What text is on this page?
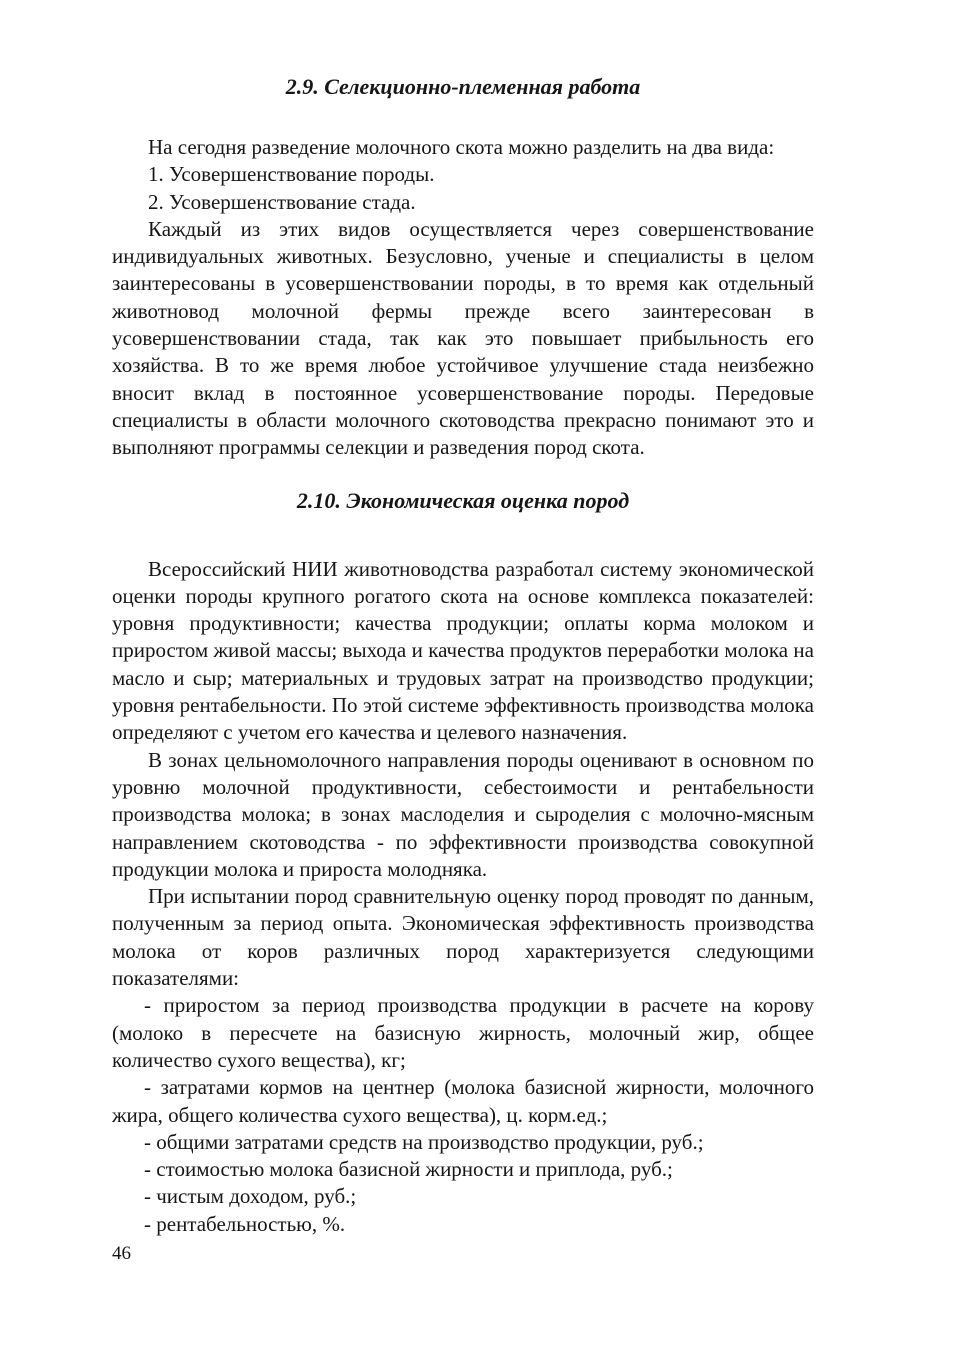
2.9. Селекционно-племенная работа

На сегодня разведение молочного скота можно разделить на два вида:

1. Усовершенствование породы.

2. Усовершенствование стада.

Каждый из этих видов осуществляется через совершенствование индивидуальных животных. Безусловно, ученые и специалисты в целом заинтересованы в усовершенствовании породы, в то время как отдельный животновод молочной фермы прежде всего заинтересован в усовершенствовании стада, так как это повышает прибыльность его хозяйства. В то же время любое устойчивое улучшение стада неизбежно вносит вклад в постоянное усовершенствование породы. Передовые специалисты в области молочного скотоводства прекрасно понимают это и выполняют программы селекции и разведения пород скота.

2.10. Экономическая оценка пород

Всероссийский НИИ животноводства разработал систему экономической оценки породы крупного рогатого скота на основе комплекса показателей: уровня продуктивности; качества продукции; оплаты корма молоком и приростом живой массы; выхода и качества продуктов переработки молока на масло и сыр; материальных и трудовых затрат на производство продукции; уровня рентабельности. По этой системе эффективность производства молока определяют с учетом его качества и целевого назначения.

В зонах цельномолочного направления породы оценивают в основном по уровню молочной продуктивности, себестоимости и рентабельности производства молока; в зонах маслоделия и сыроделия с молочно-мясным направлением скотоводства - по эффективности производства совокупной продукции молока и прироста молодняка.

При испытании пород сравнительную оценку пород проводят по данным, полученным за период опыта. Экономическая эффективность производства молока от коров различных пород характеризуется следующими показателями:

- приростом за период производства продукции в расчете на корову (молоко в пересчете на базисную жирность, молочный жир, общее количество сухого вещества), кг;

- затратами кормов на центнер (молока базисной жирности, молочного жира, общего количества сухого вещества), ц. корм.ед.;

- общими затратами средств на производство продукции, руб.;

- стоимостью молока базисной жирности и приплода, руб.;

- чистым доходом, руб.;

- рентабельностью, %.

46
